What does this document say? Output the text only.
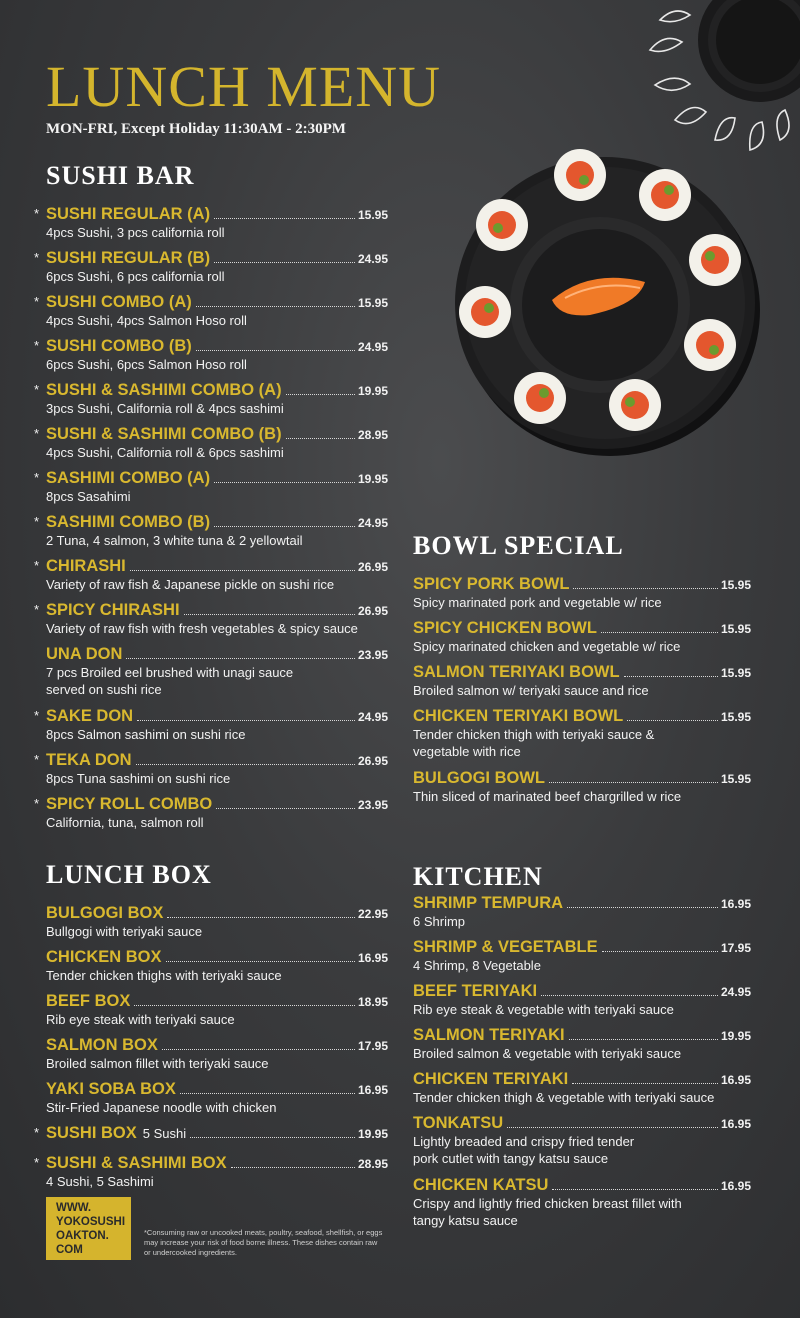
LUNCH MENU
MON-FRI, Except Holiday 11:30AM - 2:30PM
SUSHI BAR
* SUSHI REGULAR (A)	15.95
4pcs Sushi, 3 pcs california roll
* SUSHI REGULAR (B)	24.95
6pcs Sushi, 6 pcs california roll
* SUSHI COMBO (A)	15.95
4pcs Sushi, 4pcs Salmon Hoso roll
* SUSHI COMBO (B)	24.95
6pcs Sushi, 6pcs Salmon Hoso roll
* SUSHI & SASHIMI COMBO (A)	19.95
3pcs Sushi, California roll & 4pcs sashimi
* SUSHI & SASHIMI COMBO (B)	28.95
4pcs Sushi, California roll & 6pcs sashimi
* SASHIMI COMBO (A)	19.95
8pcs Sasahimi
* SASHIMI COMBO (B)	24.95
2 Tuna, 4 salmon, 3 white tuna & 2 yellowtail
* CHIRASHI	26.95
Variety of raw fish & Japanese pickle on sushi rice
* SPICY CHIRASHI	26.95
Variety of raw fish with fresh vegetables & spicy sauce
UNA DON	23.95
7 pcs Broiled eel brushed with unagi sauce
served on sushi rice
* SAKE DON	24.95
8pcs Salmon sashimi on sushi rice
* TEKA DON	26.95
8pcs Tuna sashimi on sushi rice
* SPICY ROLL COMBO	23.95
California, tuna, salmon roll
LUNCH BOX
BULGOGI BOX	22.95
Bullgogi with teriyaki sauce
CHICKEN BOX	16.95
Tender chicken thighs with teriyaki sauce
BEEF BOX	18.95
Rib eye steak with teriyaki sauce
SALMON BOX	17.95
Broiled salmon fillet with teriyaki sauce
YAKI SOBA BOX	16.95
Stir-Fried Japanese noodle with chicken
* SUSHI BOX 5 Sushi	19.95
* SUSHI & SASHIMI BOX	28.95
4 Sushi, 5 Sashimi
BOWL SPECIAL
SPICY PORK BOWL	15.95
Spicy marinated pork and vegetable w/ rice
SPICY CHICKEN BOWL	15.95
Spicy marinated chicken and vegetable w/ rice
SALMON TERIYAKI BOWL	15.95
Broiled salmon w/ teriyaki sauce and rice
CHICKEN TERIYAKI BOWL	15.95
Tender chicken thigh with teriyaki sauce &
vegetable with rice
BULGOGI BOWL	15.95
Thin sliced of marinated beef chargrilled w rice
KITCHEN
SHRIMP TEMPURA	16.95
6 Shrimp
SHRIMP & VEGETABLE	17.95
4 Shrimp, 8 Vegetable
BEEF TERIYAKI	24.95
Rib eye steak & vegetable with teriyaki sauce
SALMON TERIYAKI	19.95
Broiled salmon & vegetable with teriyaki sauce
CHICKEN TERIYAKI	16.95
Tender chicken thigh & vegetable with teriyaki sauce
TONKATSU	16.95
Lightly breaded and crispy fried tender
pork cutlet with tangy katsu sauce
CHICKEN KATSU	16.95
Crispy and lightly fried chicken breast fillet with
tangy katsu sauce
WWW.
YOKOSUSHI
OAKTON.
COM
*Consuming raw or uncooked meats, poultry, seafood, shellfish, or eggs may increase your risk of food borne illness. These dishes contain raw or undercooked ingredients.
